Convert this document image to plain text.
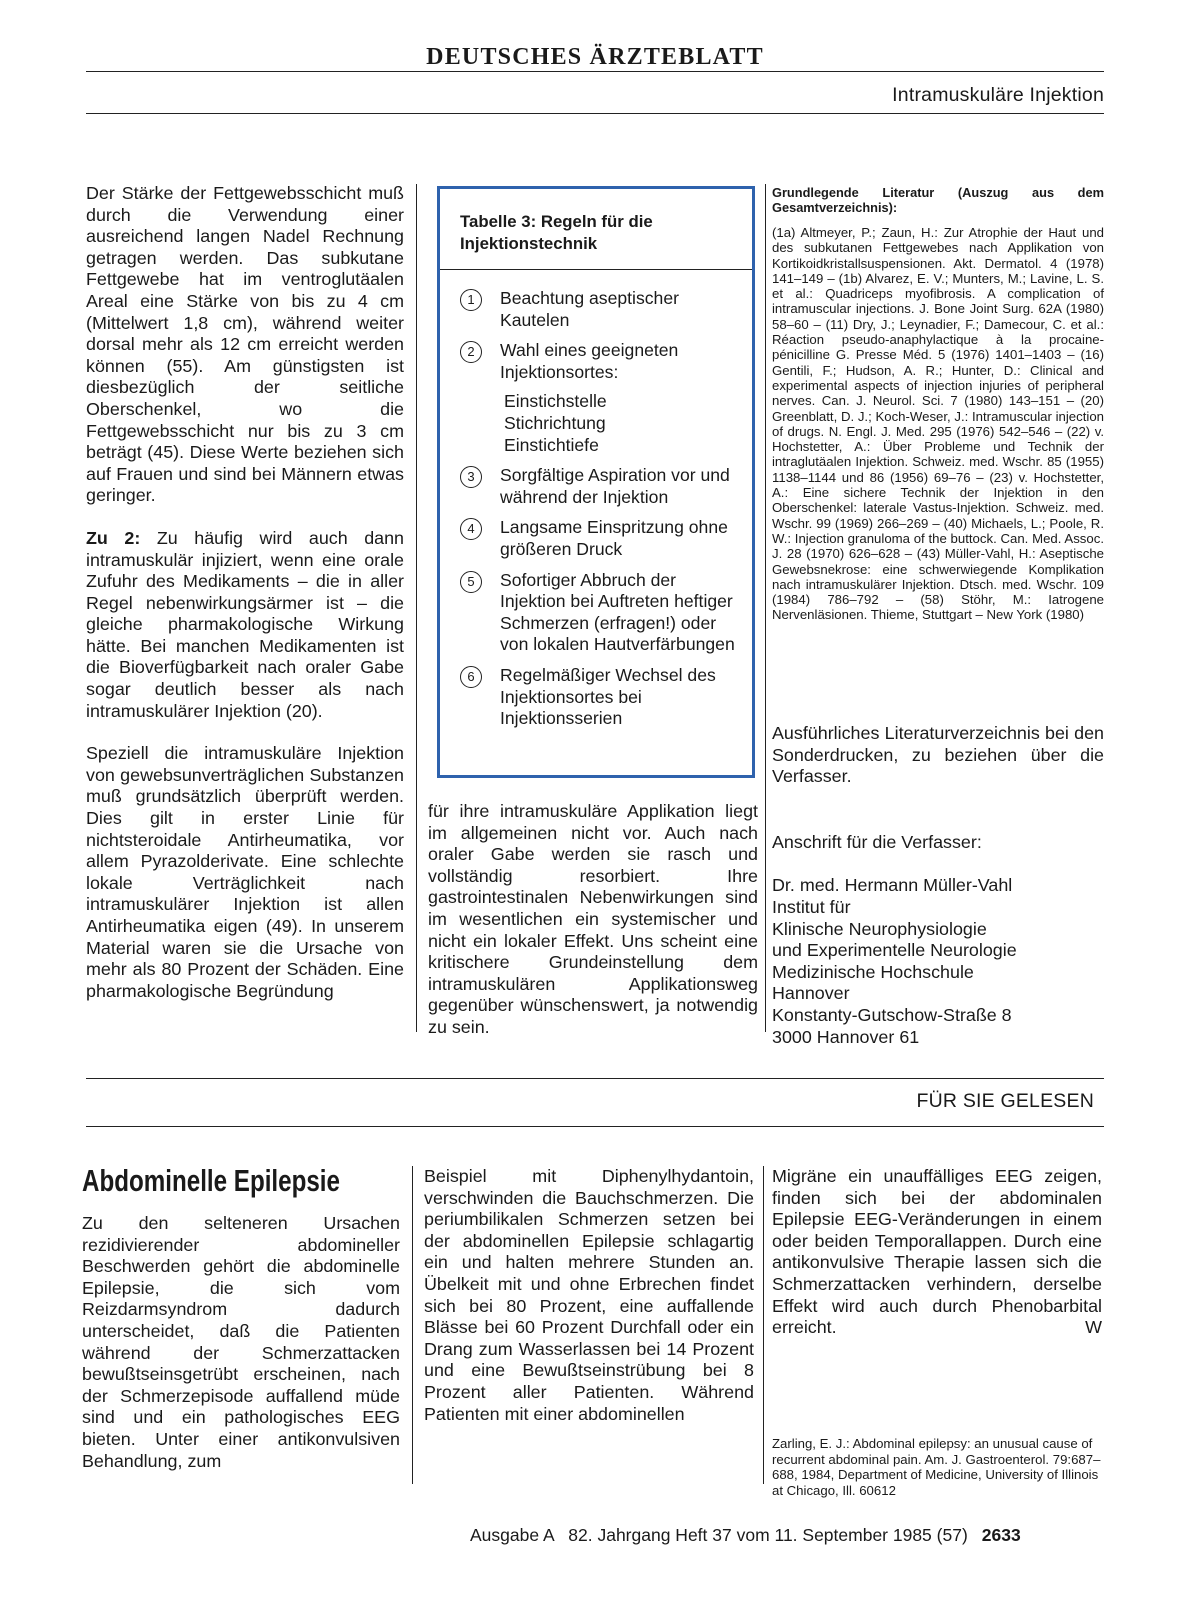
DEUTSCHES ÄRZTEBLATT
Intramuskuläre Injektion

Der Stärke der Fettgewebsschicht muß durch die Verwendung einer ausreichend langen Nadel Rechnung getragen werden. Das subkutane Fettgewebe hat im ventroglutäalen Areal eine Stärke von bis zu 4 cm (Mittelwert 1,8 cm), während weiter dorsal mehr als 12 cm erreicht werden können (55). Am günstigsten ist diesbezüglich der seitliche Oberschenkel, wo die Fettgewebsschicht nur bis zu 3 cm beträgt (45). Diese Werte beziehen sich auf Frauen und sind bei Männern etwas geringer.

Zu 2: Zu häufig wird auch dann intramuskulär injiziert, wenn eine orale Zufuhr des Medikaments – die in aller Regel nebenwirkungsärmer ist – die gleiche pharmakologische Wirkung hätte. Bei manchen Medikamenten ist die Bioverfügbarkeit nach oraler Gabe sogar deutlich besser als nach intramuskulärer Injektion (20).

Speziell die intramuskuläre Injektion von gewebsunverträglichen Substanzen muß grundsätzlich überprüft werden. Dies gilt in erster Linie für nichtsteroidale Antirheumatika, vor allem Pyrazolderivate. Eine schlechte lokale Verträglichkeit nach intramuskulärer Injektion ist allen Antirheumatika eigen (49). In unserem Material waren sie die Ursache von mehr als 80 Prozent der Schäden. Eine pharmakologische Begründung

Tabelle 3: Regeln für die Injektionstechnik
1	Beachtung aseptischer Kautelen
2	Wahl eines geeigneten Injektionsortes:
Einstichstelle
Stichrichtung
Einstichtiefe
3	Sorgfältige Aspiration vor und während der Injektion
4	Langsame Einspritzung ohne größeren Druck
5	Sofortiger Abbruch der Injektion bei Auftreten heftiger Schmerzen (erfragen!) oder von lokalen Hautverfärbungen
6	Regelmäßiger Wechsel des Injektionsortes bei Injektionsserien

für ihre intramuskuläre Applikation liegt im allgemeinen nicht vor. Auch nach oraler Gabe werden sie rasch und vollständig resorbiert. Ihre gastrointestinalen Nebenwirkungen sind im wesentlichen ein systemischer und nicht ein lokaler Effekt. Uns scheint eine kritischere Grundeinstellung dem intramuskulären Applikationsweg gegenüber wünschenswert, ja notwendig zu sein.

Grundlegende Literatur (Auszug aus dem Gesamtverzeichnis):

(1a) Altmeyer, P.; Zaun, H.: Zur Atrophie der Haut und des subkutanen Fettgewebes nach Applikation von Kortikoidkristallsuspensionen. Akt. Dermatol. 4 (1978) 141–149 – (1b) Alvarez, E. V.; Munters, M.; Lavine, L. S. et al.: Quadriceps myofibrosis. A complication of intramuscular injections. J. Bone Joint Surg. 62A (1980) 58–60 – (11) Dry, J.; Leynadier, F.; Damecour, C. et al.: Réaction pseudo-anaphylactique à la procaine-pénicilline G. Presse Méd. 5 (1976) 1401–1403 – (16) Gentili, F.; Hudson, A. R.; Hunter, D.: Clinical and experimental aspects of injection injuries of peripheral nerves. Can. J. Neurol. Sci. 7 (1980) 143–151 – (20) Greenblatt, D. J.; Koch-Weser, J.: Intramuscular injection of drugs. N. Engl. J. Med. 295 (1976) 542–546 – (22) v. Hochstetter, A.: Über Probleme und Technik der intraglutäalen Injektion. Schweiz. med. Wschr. 85 (1955) 1138–1144 und 86 (1956) 69–76 – (23) v. Hochstetter, A.: Eine sichere Technik der Injektion in den Oberschenkel: laterale Vastus-Injektion. Schweiz. med. Wschr. 99 (1969) 266–269 – (40) Michaels, L.; Poole, R. W.: Injection granuloma of the buttock. Can. Med. Assoc. J. 28 (1970) 626–628 – (43) Müller-Vahl, H.: Aseptische Gewebsnekrose: eine schwerwiegende Komplikation nach intramuskulärer Injektion. Dtsch. med. Wschr. 109 (1984) 786–792 – (58) Stöhr, M.: Iatrogene Nervenläsionen. Thieme, Stuttgart – New York (1980)

Ausführliches Literaturverzeichnis bei den Sonderdrucken, zu beziehen über die Verfasser.

Anschrift für die Verfasser:

Dr. med. Hermann Müller-Vahl
Institut für
Klinische Neurophysiologie
und Experimentelle Neurologie
Medizinische Hochschule
Hannover
Konstanty-Gutschow-Straße 8
3000 Hannover 61
FÜR SIE GELESEN
Abdominelle Epilepsie

Zu den selteneren Ursachen rezidivierender abdomineller Beschwerden gehört die abdominelle Epilepsie, die sich vom Reizdarmsyndrom dadurch unterscheidet, daß die Patienten während der Schmerzattacken bewußtseinsgetrübt erscheinen, nach der Schmerzepisode auffallend müde sind und ein pathologisches EEG bieten. Unter einer antikonvulsiven Behandlung, zum

Beispiel mit Diphenylhydantoin, verschwinden die Bauchschmerzen. Die periumbilikalen Schmerzen setzen bei der abdominellen Epilepsie schlagartig ein und halten mehrere Stunden an. Übelkeit mit und ohne Erbrechen findet sich bei 80 Prozent, eine auffallende Blässe bei 60 Prozent Durchfall oder ein Drang zum Wasserlassen bei 14 Prozent und eine Bewußtseinstrübung bei 8 Prozent aller Patienten. Während Patienten mit einer abdominellen

Migräne ein unauffälliges EEG zeigen, finden sich bei der abdominalen Epilepsie EEG-Veränderungen in einem oder beiden Temporallappen. Durch eine antikonvulsive Therapie lassen sich die Schmerzattacken verhindern, derselbe Effekt wird auch durch Phenobarbital erreicht.	W

Zarling, E. J.: Abdominal epilepsy: an unusual cause of recurrent abdominal pain. Am. J. Gastroenterol. 79:687–688, 1984, Department of Medicine, University of Illinois at Chicago, Ill. 60612
Ausgabe A   82. Jahrgang Heft 37 vom 11. September 1985 (57) 2633
